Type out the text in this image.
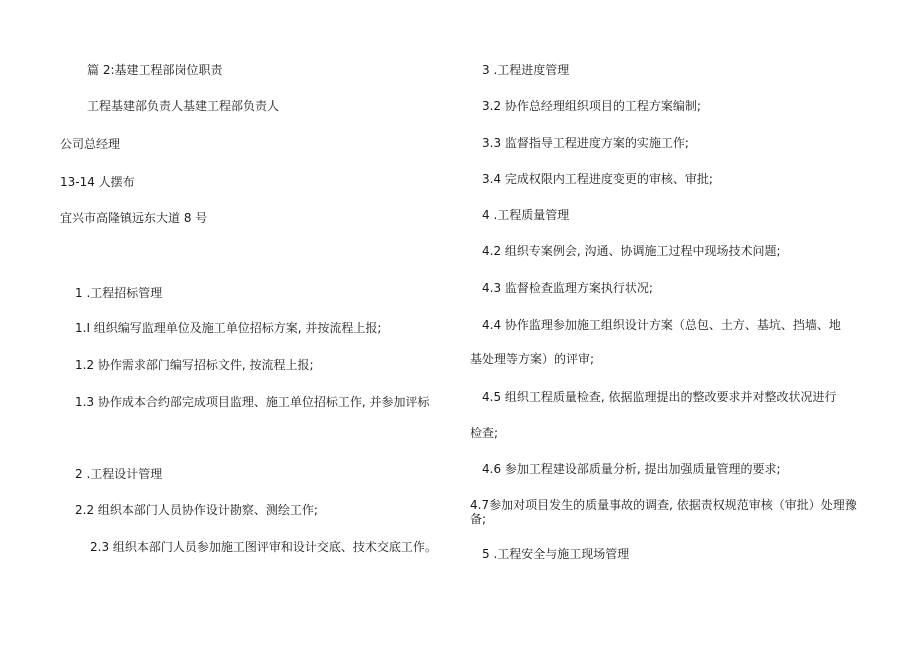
篇 2:基建工程部岗位职责
工程基建部负责人基建工程部负责人
公司总经理
13-14 人摆布
宜兴市高隆镇远东大道 8 号
1 .工程招标管理
1.I 组织编写监理单位及施工单位招标方案, 并按流程上报;
1.2 协作需求部门编写招标文件, 按流程上报;
1.3 协作成本合约部完成项目监理、施工单位招标工作, 并参加评标
2 .工程设计管理
2.2 组织本部门人员协作设计勘察、测绘工作;
2.3 组织本部门人员参加施工图评审和设计交底、技术交底工作。
3 .工程进度管理
3.2 协作总经理组织项目的工程方案编制;
3.3 监督指导工程进度方案的实施工作;
3.4 完成权限内工程进度变更的审核、审批;
4 .工程质量管理
4.2 组织专案例会, 沟通、协调施工过程中现场技术问题;
4.3 监督检查监理方案执行状况;
4.4 协作监理参加施工组织设计方案（总包、土方、基坑、挡墙、地
基处理等方案）的评审;
4.5 组织工程质量检查, 依据监理提出的整改要求并对整改状况进行
检查;
4.6 参加工程建设部质量分析, 提出加强质量管理的要求;
4.7参加对项目发生的质量事故的调查, 依据责权规范审核（审批）处理豫备;
5 .工程安全与施工现场管理
